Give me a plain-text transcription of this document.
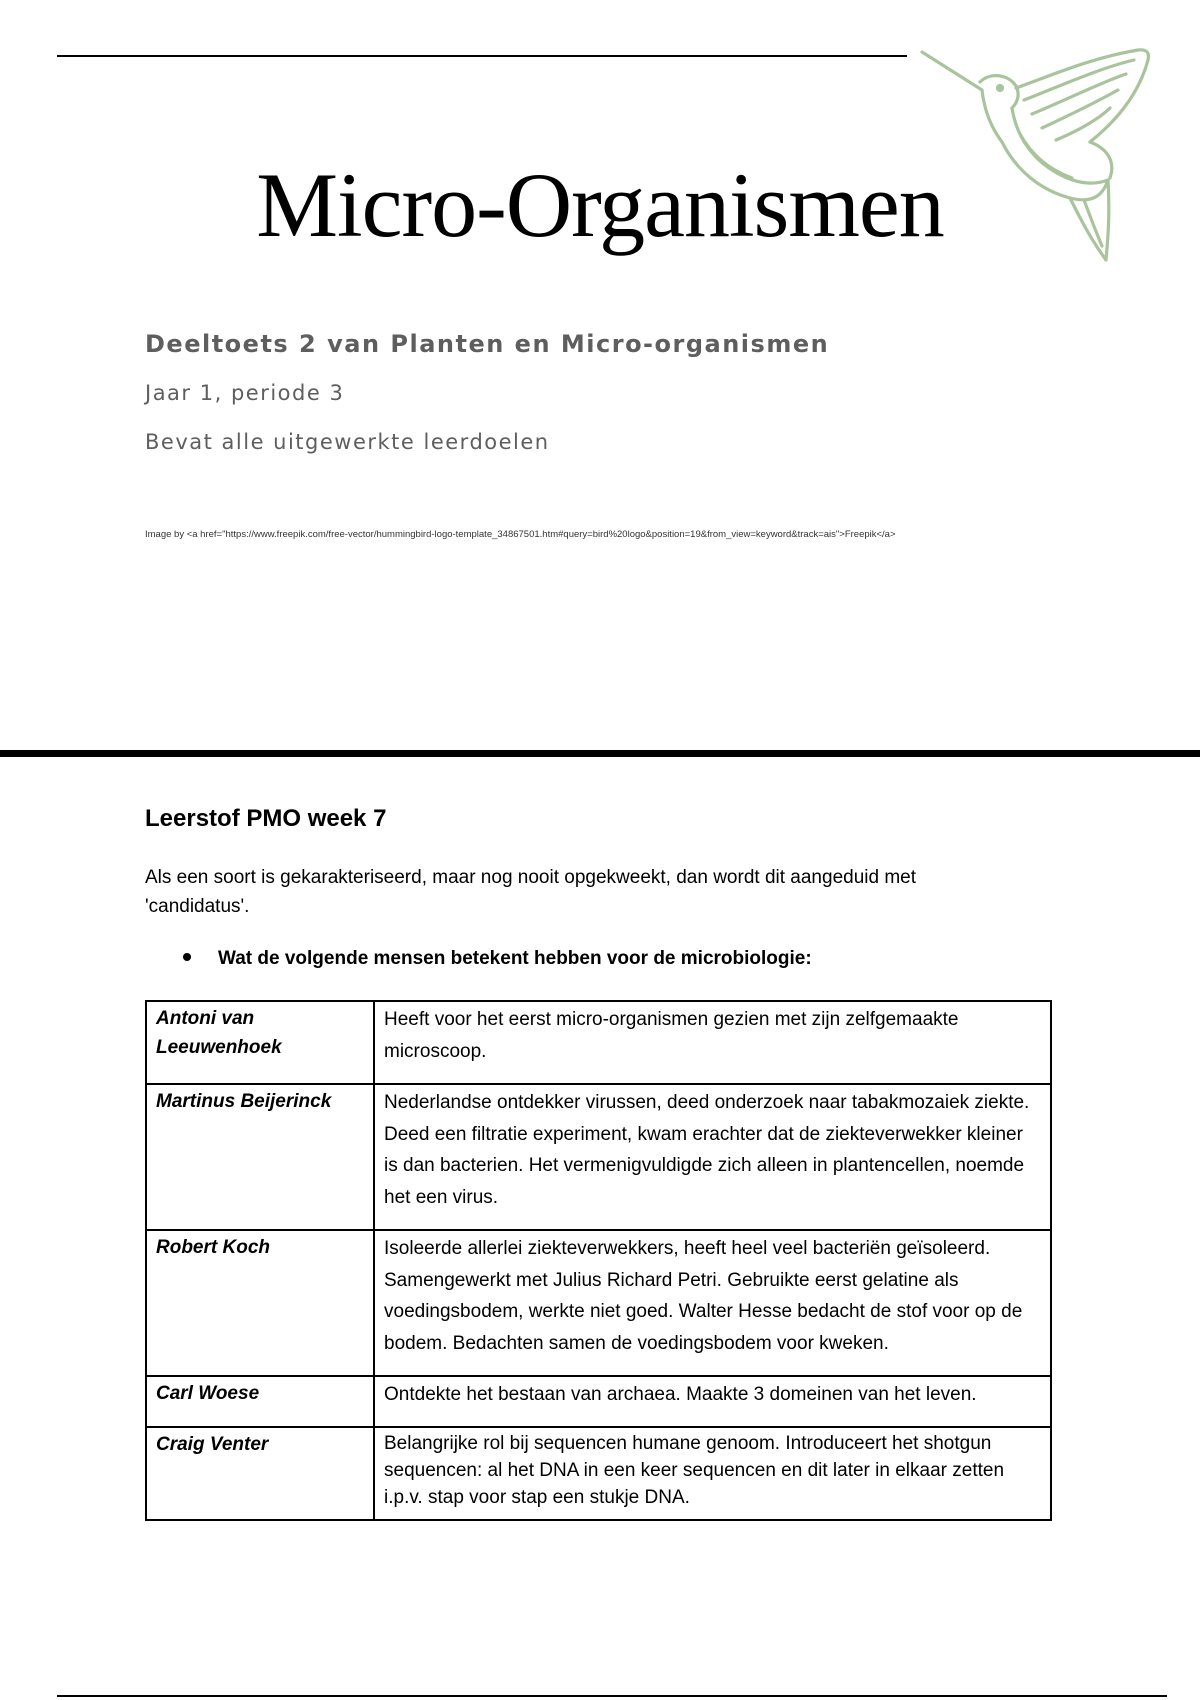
Micro-Organismen
Deeltoets 2 van Planten en Micro-organismen
Jaar 1, periode 3
Bevat alle uitgewerkte leerdoelen
Image by <a href="https://www.freepik.com/free-vector/hummingbird-logo-template_34867501.htm#query=bird%20logo&position=19&from_view=keyword&track=ais">Freepik</a>
Leerstof PMO week 7
Als een soort is gekarakteriseerd, maar nog nooit opgekweekt, dan wordt dit aangeduid met 'candidatus'.
Wat de volgende mensen betekent hebben voor de microbiologie:
Antoni van Leeuwenhoek	Heeft voor het eerst micro-organismen gezien met zijn zelfgemaakte microscoop.
Martinus Beijerinck	Nederlandse ontdekker virussen, deed onderzoek naar tabakmozaiek ziekte. Deed een filtratie experiment, kwam erachter dat de ziekteverwekker kleiner is dan bacterien. Het vermenigvuldigde zich alleen in plantencellen, noemde het een virus.
Robert Koch	Isoleerde allerlei ziekteverwekkers, heeft heel veel bacteriën geïsoleerd. Samengewerkt met Julius Richard Petri. Gebruikte eerst gelatine als voedingsbodem, werkte niet goed. Walter Hesse bedacht de stof voor op de bodem. Bedachten samen de voedingsbodem voor kweken.
Carl Woese	Ontdekte het bestaan van archaea. Maakte 3 domeinen van het leven.
Craig Venter	Belangrijke rol bij sequencen humane genoom. Introduceert het shotgun sequencen: al het DNA in een keer sequencen en dit later in elkaar zetten i.p.v. stap voor stap een stukje DNA.
